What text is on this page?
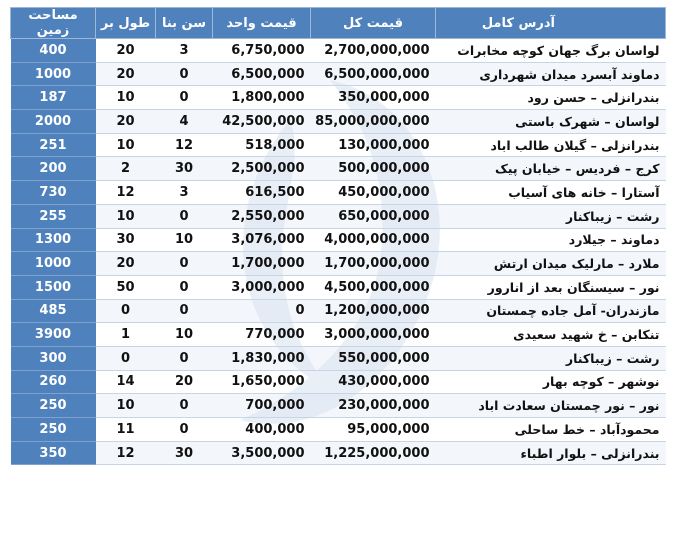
مساحت زمین	طول بر	سن بنا	قیمت واحد	قیمت کل	آدرس کامل
400	20	3	6,750,000	2,700,000,000	لواسان برگ جهان کوچه مخابرات
1000	20	0	6,500,000	6,500,000,000	دماوند آبسرد میدان شهرداری
187	10	0	1,800,000	350,000,000	بندرانزلی – حسن رود
2000	20	4	42,500,000	85,000,000,000	لواسان – شهرک باستی
251	10	12	518,000	130,000,000	بندرانزلی – گیلان طالب اباد
200	2	30	2,500,000	500,000,000	کرج – فردیس – خیابان پیک
730	12	3	616,500	450,000,000	آستارا – خانه های آسیاب
255	10	0	2,550,000	650,000,000	رشت – زیباکنار
1300	30	10	3,076,000	4,000,000,000	دماوند – جیلارد
1000	20	0	1,700,000	1,700,000,000	ملارد – مارلیک میدان ارتش
1500	50	0	3,000,000	4,500,000,000	نور – سیسنگان بعد از انارور
485	0	0	0	1,200,000,000	مازندران- آمل جاده چمستان
3900	1	10	770,000	3,000,000,000	تنکابن – خ شهید سعیدی
300	0	0	1,830,000	550,000,000	رشت – زیباکنار
260	14	20	1,650,000	430,000,000	نوشهر – کوچه بهار
250	10	0	700,000	230,000,000	نور – نور چمستان سعادت اباد
250	11	0	400,000	95,000,000	محمودآباد – خط ساحلی
350	12	30	3,500,000	1,225,000,000	بندرانزلی – بلوار اطباء
